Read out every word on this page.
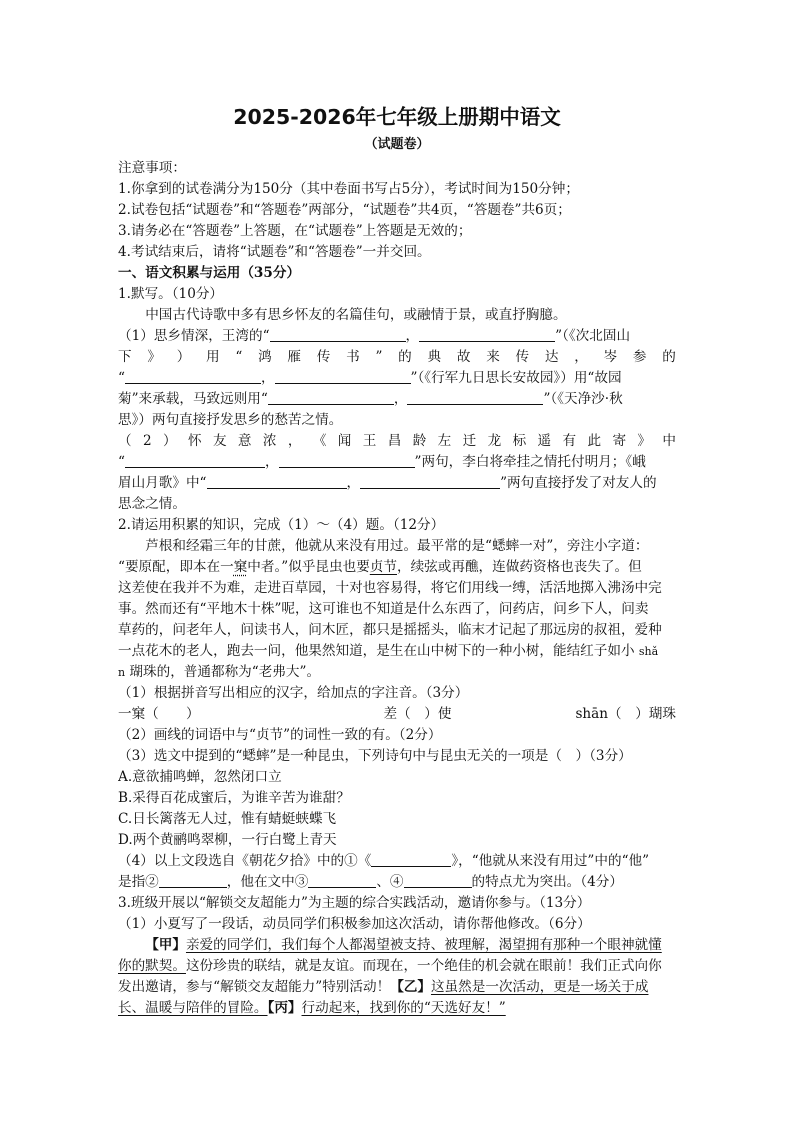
2025-2026年七年级上册期中语文
（试题卷）
注意事项：
1.你拿到的试卷满分为150分（其中卷面书写占5分），考试时间为150分钟；
2.试卷包括“试题卷”和“答题卷”两部分，“试题卷”共4页，“答题卷”共6页；
3.请务必在“答题卷”上答题，在“试题卷”上答题是无效的；
4.考试结束后，请将“试题卷”和“答题卷”一并交回。
一、语文积累与运用（35分）
1.默写。（10分）
中国古代诗歌中多有思乡怀友的名篇佳句，或融情于景，或直抒胸臆。
（1）思乡情深，王湾的“	，	”（《次北固山
下 》 ） 用 “ 鸿 雁 传 书 ” 的 典 故 来 传 达 ， 岑 参 的
“	，	”（《行军九日思长安故园》）用“故园
菊”来承载，马致远则用“	，	”（《天净沙·秋
思》）两句直接抒发思乡的愁苦之情。
（ 2 ） 怀 友 意 浓 ， 《 闻 王 昌 龄 左 迁 龙 标 遥 有 此 寄 》 中
“	，	”两句，李白将牵挂之情托付明月；《峨
眉山月歌》中“	，	”两句直接抒发了对友人的
思念之情。
2.请运用积累的知识，完成（1）～（4）题。（12分）
芦根和经霜三年的甘蔗，他就从来没有用过。最平常的是“蟋蟀一对”，旁注小字道：
“要原配，即本在一窠中者。”似乎昆虫也要贞节，续弦或再醮，连做药资格也丧失了。但
这差使在我并不为难，走进百草园，十对也容易得，将它们用线一缚，活活地掷入沸汤中完
事。然而还有“平地木十株”呢，这可谁也不知道是什么东西了，问药店，问乡下人，问卖
草药的，问老年人，问读书人，问木匠，都只是摇摇头，临末才记起了那远房的叔祖，爱种
一点花木的老人，跑去一问，他果然知道，是生在山中树下的一种小树，能结红子如小 shǎ
n 瑚珠的，普通都称为“老弗大”。
（1）根据拼音写出相应的汉字，给加点的字注音。（3分）
一窠（　　）	差（　）使	shān（　）瑚珠
（2）画线的词语中与“贞节”的词性一致的有。（2分）
（3）选文中提到的“蟋蟀”是一种昆虫，下列诗句中与昆虫无关的一项是（　）（3分）
A.意欲捕鸣蝉，忽然闭口立
B.采得百花成蜜后，为谁辛苦为谁甜？
C.日长篱落无人过，惟有蜻蜓蛱蝶飞
D.两个黄鹂鸣翠柳，一行白鹭上青天
（4）以上文段选自《朝花夕拾》中的①《	》，“他就从来没有用过”中的“他”
是指②	，他在文中③	、④	的特点尤为突出。（4分）
3.班级开展以“解锁交友超能力”为主题的综合实践活动，邀请你参与。（13分）
（1）小夏写了一段话，动员同学们积极参加这次活动，请你帮他修改。（6分）
【甲】亲爱的同学们，我们每个人都渴望被支持、被理解，渴望拥有那种一个眼神就懂
你的默契。这份珍贵的联结，就是友谊。而现在，一个绝佳的机会就在眼前！我们正式向你
发出邀请，参与“解锁交友超能力”特别活动！【乙】这虽然是一次活动，更是一场关于成
长、温暖与陪伴的冒险。【丙】行动起来，找到你的“天选好友！”
